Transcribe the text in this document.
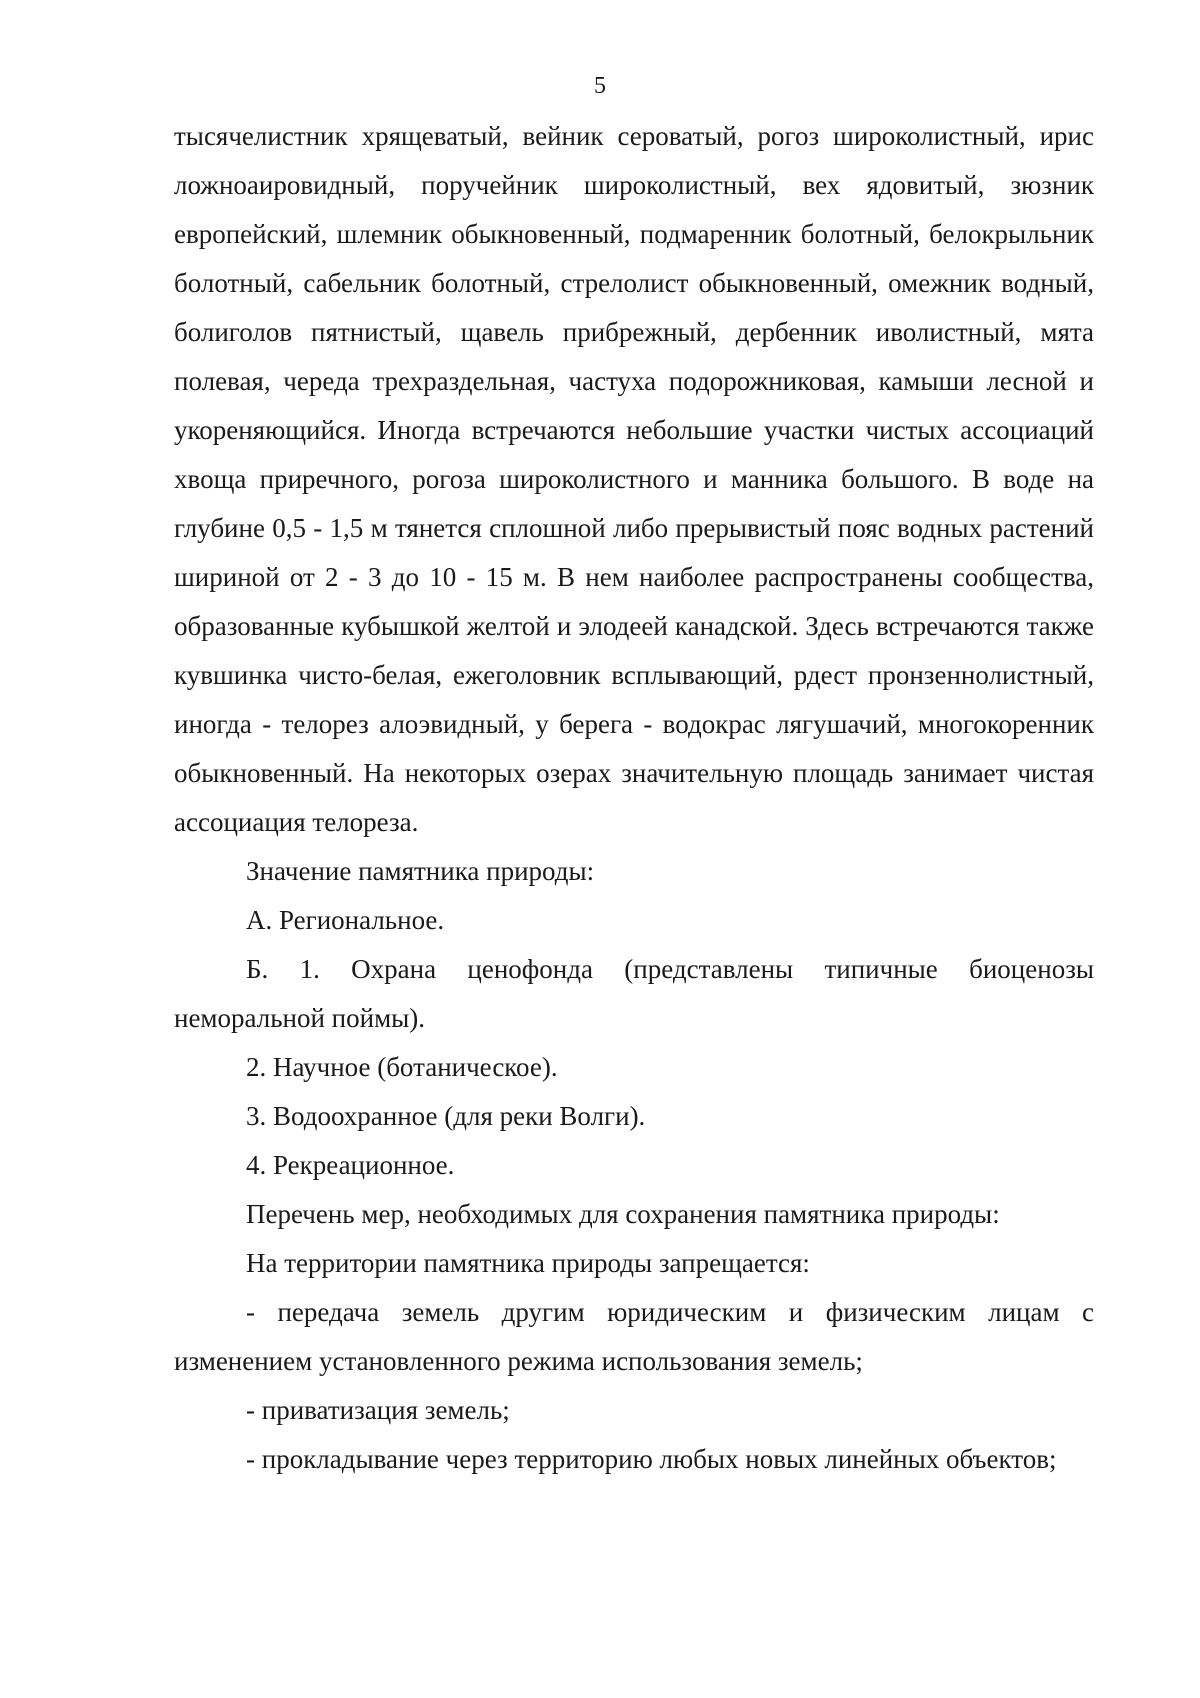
5

тысячелистник хрящеватый, вейник сероватый, рогоз широколистный, ирис ложноаировидный, поручейник широколистный, вех ядовитый, зюзник европейский, шлемник обыкновенный, подмаренник болотный, белокрыльник болотный, сабельник болотный, стрелолист обыкновенный, омежник водный, болиголов пятнистый, щавель прибрежный, дербенник иволистный, мята полевая, череда трехраздельная, частуха подорожниковая, камыши лесной и укореняющийся. Иногда встречаются небольшие участки чистых ассоциаций хвоща приречного, рогоза широколистного и манника большого. В воде на глубине 0,5 - 1,5 м тянется сплошной либо прерывистый пояс водных растений шириной от 2 - 3 до 10 - 15 м. В нем наиболее распространены сообщества, образованные кубышкой желтой и элодеей канадской. Здесь встречаются также кувшинка чисто-белая, ежеголовник всплывающий, рдест пронзеннолистный, иногда - телорез алоэвидный, у берега - водокрас лягушачий, многокоренник обыкновенный. На некоторых озерах значительную площадь занимает чистая ассоциация телореза.

Значение памятника природы:

А. Региональное.

Б. 1. Охрана ценофонда (представлены типичные биоценозы неморальной поймы).

2. Научное (ботаническое).

3. Водоохранное (для реки Волги).

4. Рекреационное.

Перечень мер, необходимых для сохранения памятника природы:

На территории памятника природы запрещается:

- передача земель другим юридическим и физическим лицам с изменением установленного режима использования земель;

- приватизация земель;

- прокладывание через территорию любых новых линейных объектов;
